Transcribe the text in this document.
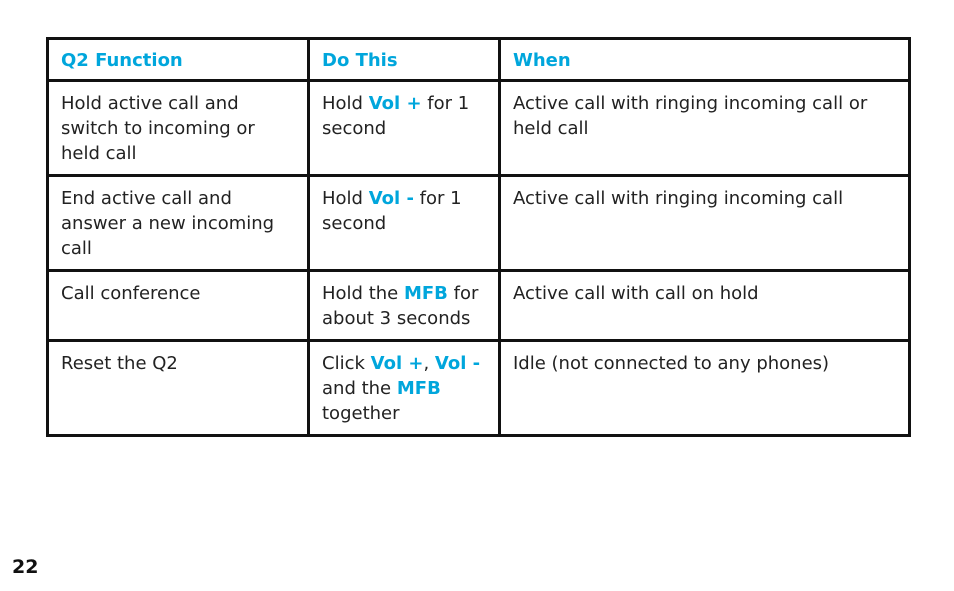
Q2 Function	Do This	When
Hold active call and switch to incoming or held call	Hold Vol + for 1 second	Active call with ringing incoming call or held call
End active call and answer a new incoming call	Hold Vol - for 1 second	Active call with ringing incoming call
Call conference	Hold the MFB for about 3 seconds	Active call with call on hold
Reset the Q2	Click Vol +, Vol - and the MFB together	Idle (not connected to any phones)
22
